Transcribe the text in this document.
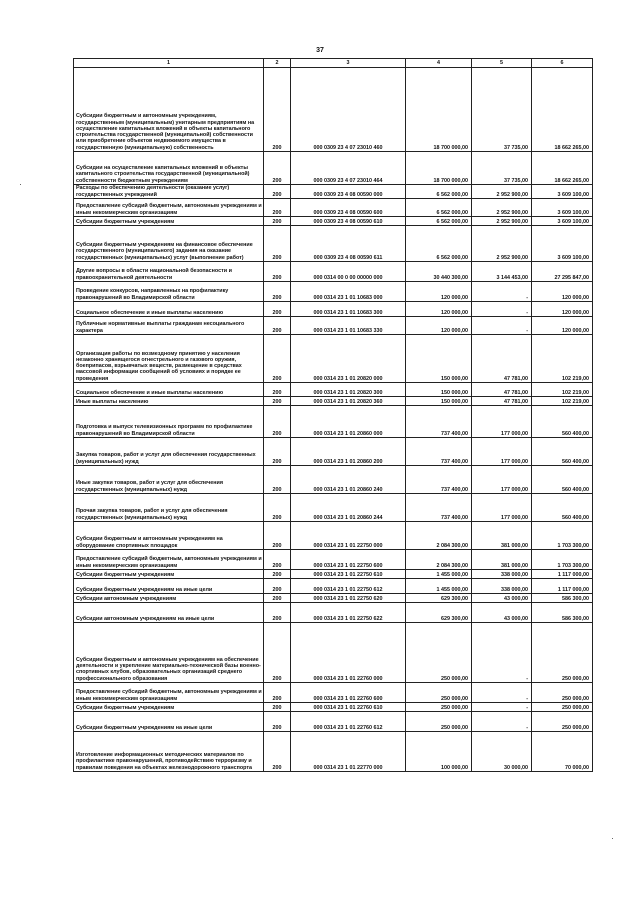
37
1	2	3	4	5	6
Субсидии бюджетным и автономным учреждениям, государственным (муниципальным) унитарным предприятиям на осуществление капитальных вложений в объекты капитального строительства государственной (муниципальной) собственности или приобретение объектов недвижимого имущества в государственную (муниципальную) собственность	200	000 0309 23 4 07 23010 460	18 700 000,00	37 735,00	18 662 265,00
Субсидии на осуществление капитальных вложений в объекты капитального строительства государственной (муниципальной) собственности бюджетным учреждениям	200	000 0309 23 4 07 23010 464	18 700 000,00	37 735,00	18 662 265,00
Расходы по обеспечению деятельности (оказание услуг) государственных учреждений	200	000 0309 23 4 08 00590 000	6 562 000,00	2 952 900,00	3 609 100,00
Предоставление субсидий бюджетным, автономным учреждениям и иным некоммерческим организациям	200	000 0309 23 4 08 00590 600	6 562 000,00	2 952 900,00	3 609 100,00
Субсидии бюджетным учреждениям	200	000 0309 23 4 08 00590 610	6 562 000,00	2 952 900,00	3 609 100,00
Субсидии бюджетным учреждениям на финансовое обеспечение государственного (муниципального) задания на оказание государственных (муниципальных) услуг (выполнение работ)	200	000 0309 23 4 08 00590 611	6 562 000,00	2 952 900,00	3 609 100,00
Другие вопросы в области национальной безопасности и правоохранительной деятельности	200	000 0314 00 0 00 00000 000	30 440 300,00	3 144 453,00	27 295 847,00
Проведение конкурсов, направленных на профилактику правонарушений во Владимирской области	200	000 0314 23 1 01 10683 000	120 000,00	-	120 000,00
Социальное обеспечение и иные выплаты населению	200	000 0314 23 1 01 10683 300	120 000,00	-	120 000,00
Публичные нормативные выплаты гражданам несоциального характера	200	000 0314 23 1 01 10683 330	120 000,00	-	120 000,00
Организация работы по возмездному принятию у населения незаконно хранящегося огнестрельного и газового оружия, боеприпасов, взрывчатых веществ, размещение в средствах массовой информации сообщений об условиях и порядке ее проведения	200	000 0314 23 1 01 20820 000	150 000,00	47 781,00	102 219,00
Социальное обеспечение и иные выплаты населению	200	000 0314 23 1 01 20820 300	150 000,00	47 781,00	102 219,00
Иные выплаты населению	200	000 0314 23 1 01 20820 360	150 000,00	47 781,00	102 219,00
Подготовка и выпуск телевизионных программ по профилактике правонарушений во Владимирской области	200	000 0314 23 1 01 20860 000	737 400,00	177 000,00	560 400,00
Закупка товаров, работ и услуг для обеспечения государственных (муниципальных) нужд	200	000 0314 23 1 01 20860 200	737 400,00	177 000,00	560 400,00
Иные закупки товаров, работ и услуг для обеспечения государственных (муниципальных) нужд	200	000 0314 23 1 01 20860 240	737 400,00	177 000,00	560 400,00
Прочая закупка товаров, работ и услуг для обеспечения государственных (муниципальных) нужд	200	000 0314 23 1 01 20860 244	737 400,00	177 000,00	560 400,00
Субсидии бюджетным и автономным учреждениям на оборудование спортивных площадок	200	000 0314 23 1 01 22750 000	2 084 300,00	381 000,00	1 703 300,00
Предоставление субсидий бюджетным, автономным учреждениям и иным некоммерческим организациям	200	000 0314 23 1 01 22750 600	2 084 300,00	381 000,00	1 703 300,00
Субсидии бюджетным учреждениям	200	000 0314 23 1 01 22750 610	1 455 000,00	338 000,00	1 117 000,00
Субсидии бюджетным учреждениям на иные цели	200	000 0314 23 1 01 22750 612	1 455 000,00	338 000,00	1 117 000,00
Субсидии автономным учреждениям	200	000 0314 23 1 01 22750 620	629 300,00	43 000,00	586 300,00
Субсидии автономным учреждениям на иные цели	200	000 0314 23 1 01 22750 622	629 300,00	43 000,00	586 300,00
Субсидии бюджетным и автономным учреждениям на обеспечение деятельности и укрепление материально-технической базы военно-спортивных клубов, образовательных организаций среднего профессионального образования	200	000 0314 23 1 01 22760 000	250 000,00	-	250 000,00
Предоставление субсидий бюджетным, автономным учреждениям и иным некоммерческим организациям	200	000 0314 23 1 01 22760 600	250 000,00	-	250 000,00
Субсидии бюджетным учреждениям	200	000 0314 23 1 01 22760 610	250 000,00	-	250 000,00
Субсидии бюджетным учреждениям на иные цели	200	000 0314 23 1 01 22760 612	250 000,00	-	250 000,00
Изготовление информационных методических материалов по профилактике правонарушений, противодействию терроризму и правилам поведения на объектах железнодорожного транспорта	200	000 0314 23 1 01 22770 000	100 000,00	30 000,00	70 000,00
